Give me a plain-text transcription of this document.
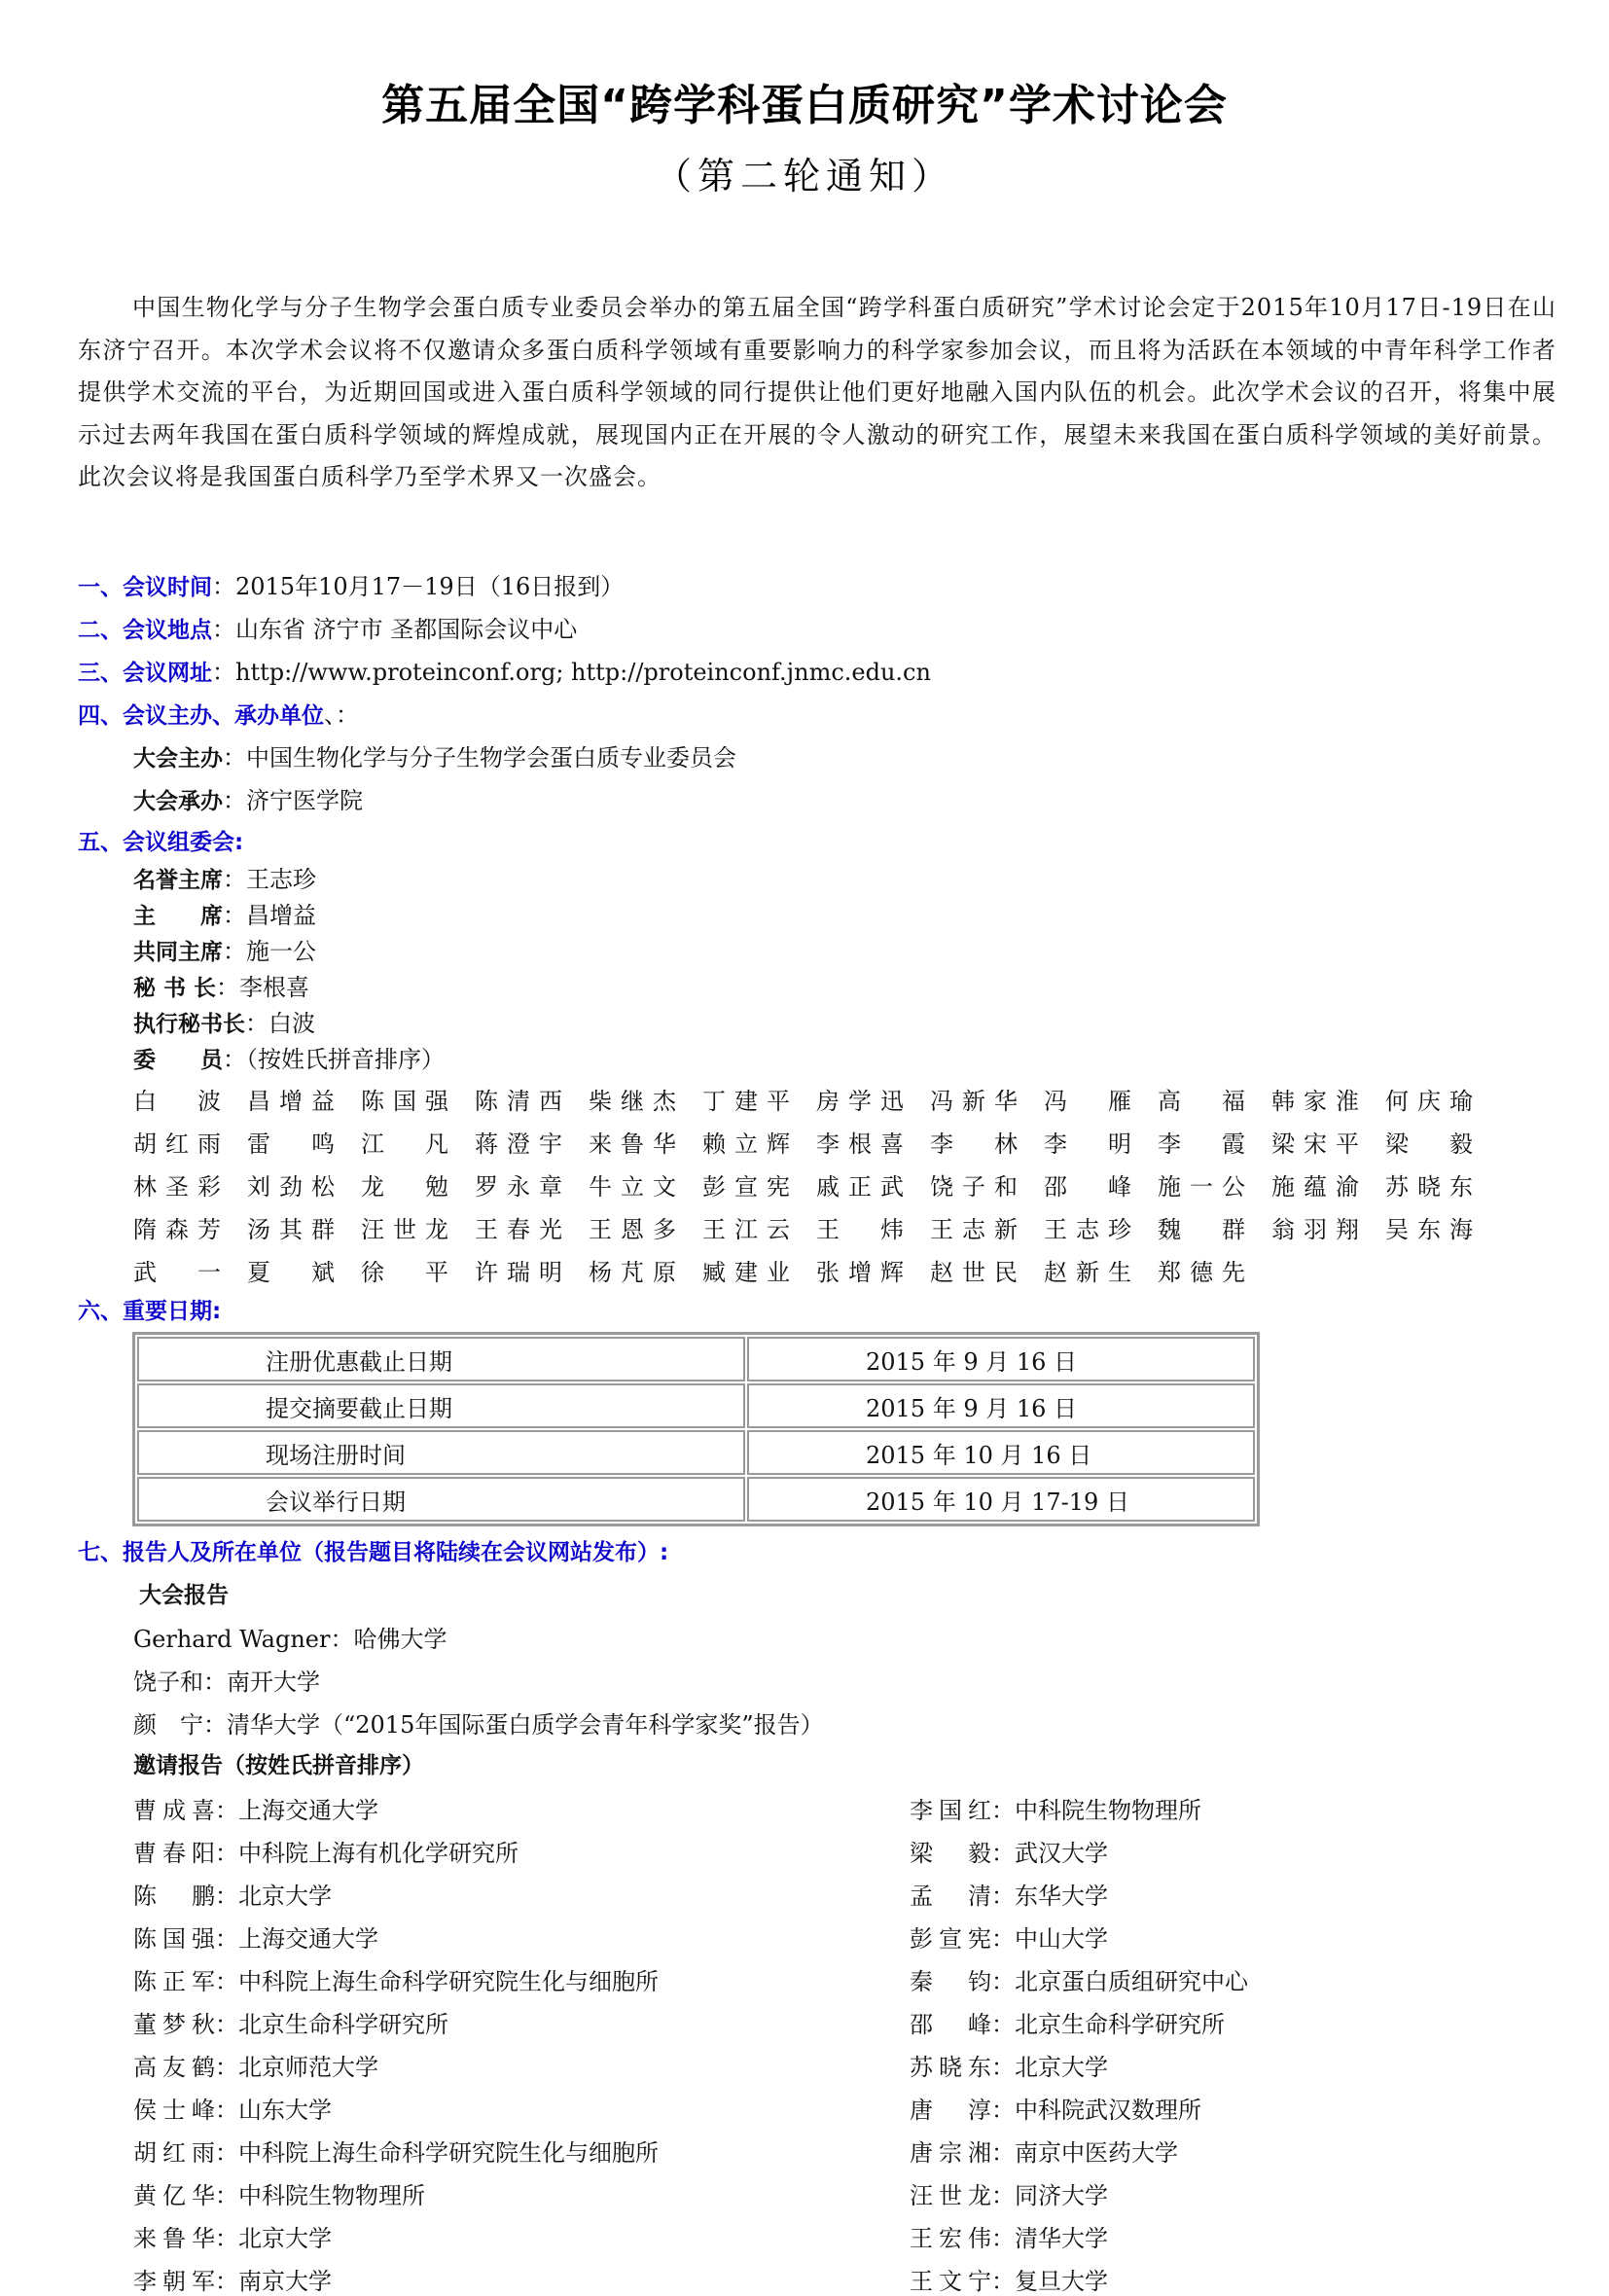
第五届全国“跨学科蛋白质研究”学术讨论会
（第二轮通知）
中国生物化学与分子生物学会蛋白质专业委员会举办的第五届全国“跨学科蛋白质研究”学术讨论会定于2015年10月17日-19日在山东济宁召开。本次学术会议将不仅邀请众多蛋白质科学领域有重要影响力的科学家参加会议，而且将为活跃在本领域的中青年科学工作者提供学术交流的平台，为近期回国或进入蛋白质科学领域的同行提供让他们更好地融入国内队伍的机会。此次学术会议的召开，将集中展示过去两年我国在蛋白质科学领域的辉煌成就，展现国内正在开展的令人激动的研究工作，展望未来我国在蛋白质科学领域的美好前景。此次会议将是我国蛋白质科学乃至学术界又一次盛会。
一、会议时间：2015年10月17－19日（16日报到）
二、会议地点：山东省 济宁市 圣都国际会议中心
三、会议网址：http://www.proteinconf.org; http://proteinconf.jnmc.edu.cn
四、会议主办、承办单位、：
大会主办：中国生物化学与分子生物学会蛋白质专业委员会
大会承办：济宁医学院
五、会议组委会:
名誉主席：王志珍
主　　席：昌增益
共同主席：施一公
秘 书 长：李根喜
执行秘书长：白波
委　　员：（按姓氏拼音排序）
白　波 昌增益 陈国强 陈清西 柴继杰 丁建平 房学迅 冯新华 冯　雁 高　福 韩家淮 何庆瑜
胡红雨 雷　鸣 江　凡 蒋澄宇 来鲁华 赖立辉 李根喜 李　林 李　明 李　霞 梁宋平 梁　毅
林圣彩 刘劲松 龙　勉 罗永章 牛立文 彭宣宪 戚正武 饶子和 邵　峰 施一公 施蕴渝 苏晓东
隋森芳 汤其群 汪世龙 王春光 王恩多 王江云 王　炜 王志新 王志珍 魏　群 翁羽翔 吴东海
武　一 夏　斌 徐　平 许瑞明 杨芃原 臧建业 张增辉 赵世民 赵新生 郑德先
六、重要日期:
注册优惠截止日期	2015 年 9 月 16 日
提交摘要截止日期	2015 年 9 月 16 日
现场注册时间	2015 年 10 月 16 日
会议举行日期	2015 年 10 月 17-19 日
七、报告人及所在单位（报告题目将陆续在会议网站发布）:
大会报告
Gerhard Wagner：哈佛大学
饶子和：南开大学
颜　宁：清华大学（“2015年国际蛋白质学会青年科学家奖”报告）
邀请报告（按姓氏拼音排序）
曹成喜：上海交通大学
曹春阳：中科院上海有机化学研究所
陈　鹏：北京大学
陈国强：上海交通大学
陈正军：中科院上海生命科学研究院生化与细胞所
董梦秋：北京生命科学研究所
高友鹤：北京师范大学
侯士峰：山东大学
胡红雨：中科院上海生命科学研究院生化与细胞所
黄亿华：中科院生物物理所
来鲁华：北京大学
李朝军：南京大学
李国红：中科院生物物理所
梁　毅：武汉大学
孟　清：东华大学
彭宣宪：中山大学
秦　钧：北京蛋白质组研究中心
邵　峰：北京生命科学研究所
苏晓东：北京大学
唐　淳：中科院武汉数理所
唐宗湘：南京中医药大学
汪世龙：同济大学
王宏伟：清华大学
王文宁：复旦大学
